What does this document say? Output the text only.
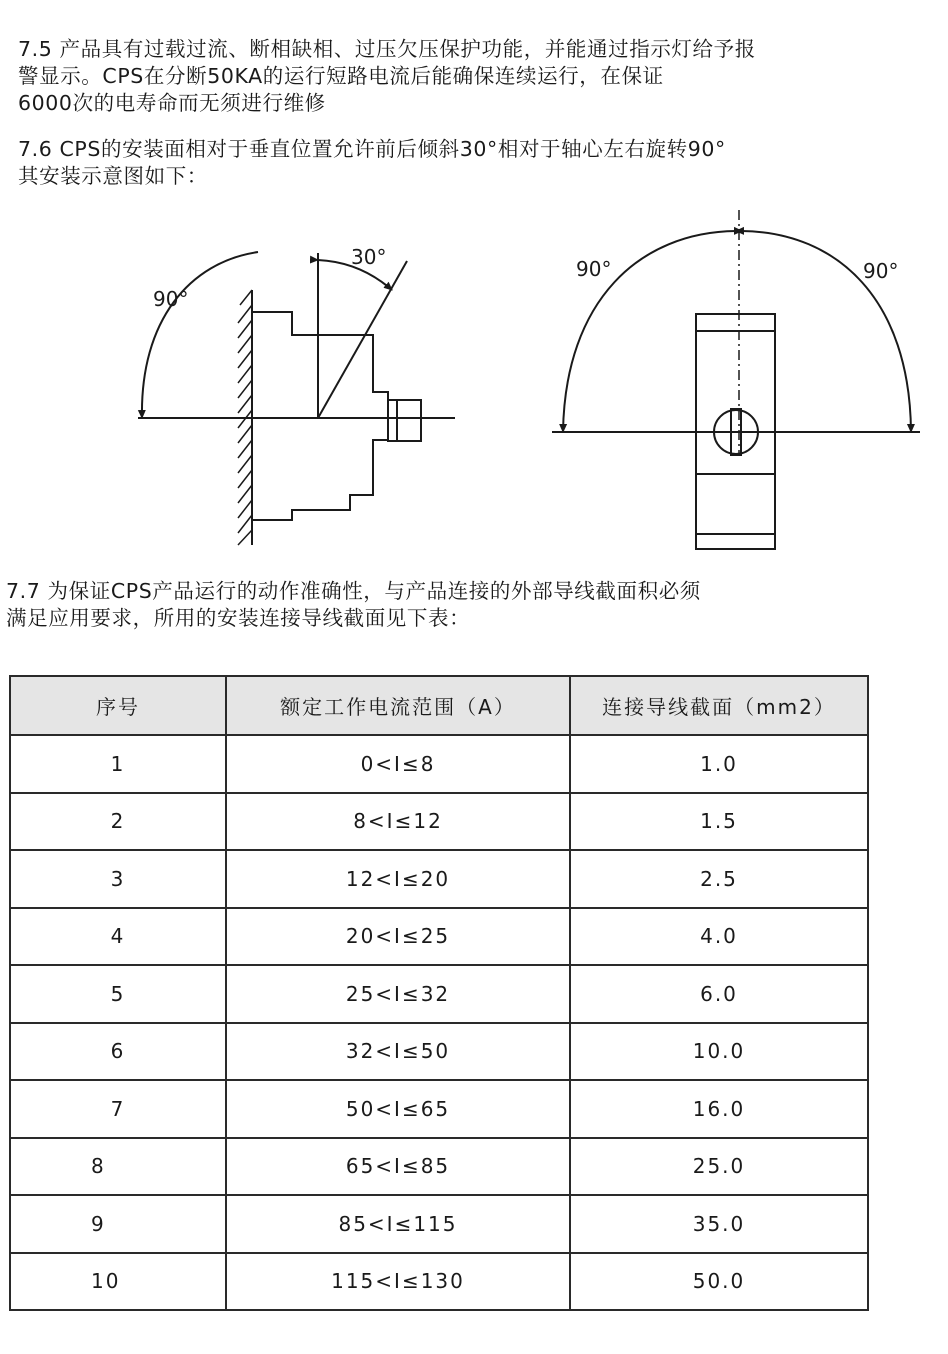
7.5 产品具有过载过流、断相缺相、过压欠压保护功能，并能通过指示灯给予报
警显示。CPS在分断50KA的运行短路电流后能确保连续运行，在保证
6000次的电寿命而无须进行维修

7.6 CPS的安装面相对于垂直位置允许前后倾斜30°相对于轴心左右旋转90°
其安装示意图如下：

30°
90°
90°	90°

7.7 为保证CPS产品运行的动作准确性，与产品连接的外部导线截面积必须
满足应用要求，所用的安装连接导线截面见下表：

序号	额定工作电流范围（A）	连接导线截面（mm2）
1	0<I≤8	1.0
2	8<I≤12	1.5
3	12<I≤20	2.5
4	20<I≤25	4.0
5	25<I≤32	6.0
6	32<I≤50	10.0
7	50<I≤65	16.0
8	65<I≤85	25.0
9	85<I≤115	35.0
10	115<I≤130	50.0
